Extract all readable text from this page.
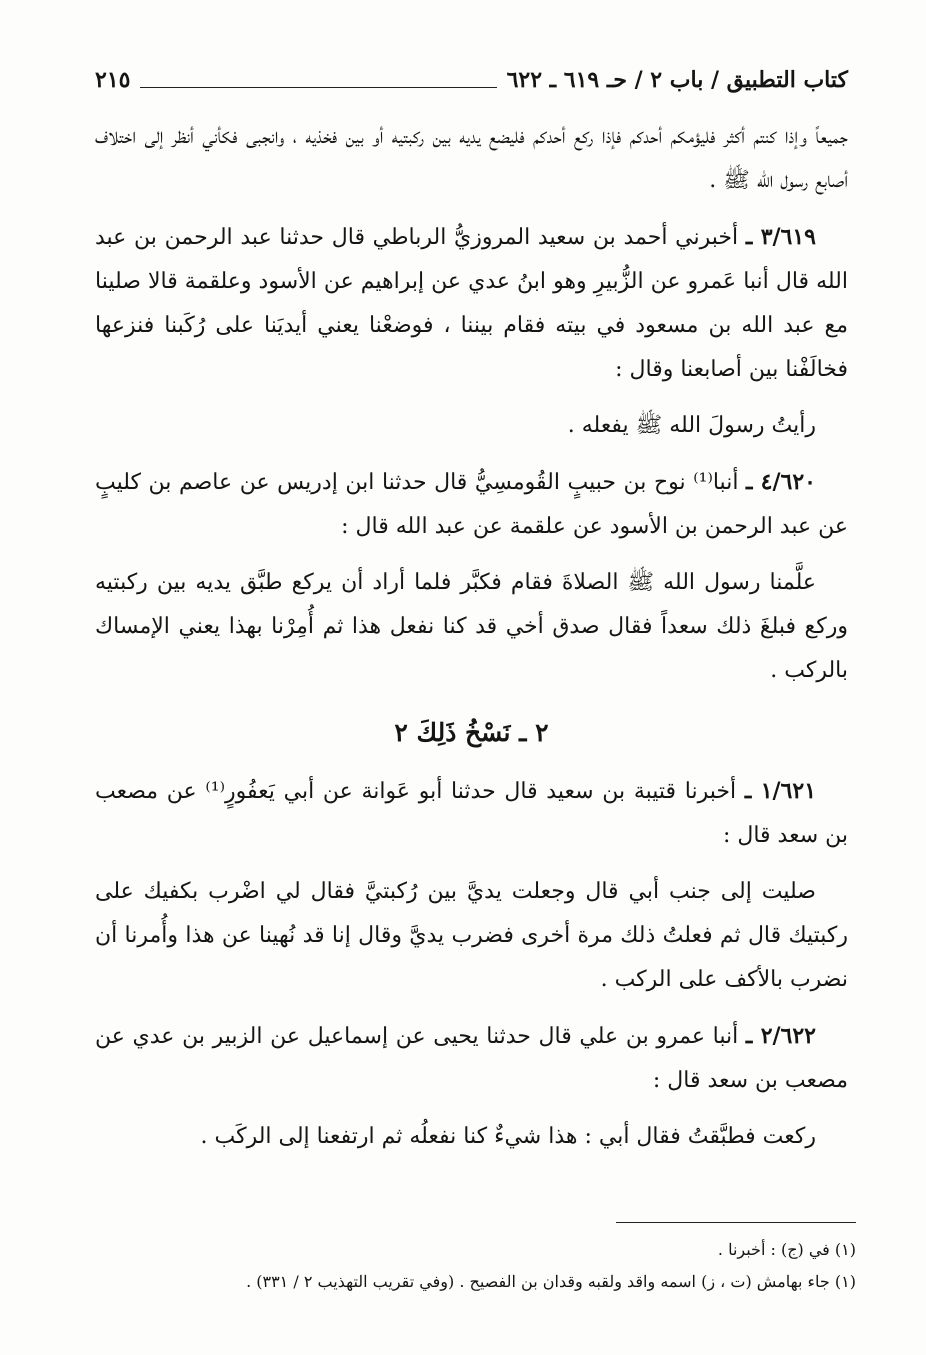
كتاب التطبيق / باب ٢ / حـ ٦١٩ ـ ٦٢٢
٢١٥

جميعاً وإذا كنتم أكثر فليؤمكم أحدكم فإذا ركع أحدكم فليضع يديه بين ركبتيه أو بين فخذيه ، وانجبى فكأني أنظر إلى اختلاف أصابع رسول الله ﷺ .

٣/٦١٩ ـ أخبرني أحمد بن سعيد المروزيُّ الرباطي قال حدثنا عبد الرحمن بن عبد الله قال أنبا عَمرو عن الزُّبيرِ وهو ابنُ عدي عن إبراهيم عن الأسود وعلقمة قالا صلينا مع عبد الله بن مسعود في بيته فقام بيننا ، فوضعْنا يعني أيديَنا على رُكَبنا فنزعها فخالَفْنا بين أصابعنا وقال :

رأيتُ رسولَ الله ﷺ يفعله .

٤/٦٢٠ ـ أنبا⁽¹⁾ نوح بن حبيبٍ القُومسِيُّ قال حدثنا ابن إدريس عن عاصم بن كليبٍ عن عبد الرحمن بن الأسود عن علقمة عن عبد الله قال :

علَّمنا رسول الله ﷺ الصلاةَ فقام فكبَّر فلما أراد أن يركع طبَّق يديه بين ركبتيه وركع فبلغَ ذلك سعداً فقال صدق أخي قد كنا نفعل هذا ثم أُمِرْنا بهذا يعني الإمساك بالركب .

٢ ـ نَسْخُ ذَلِكَ ٢

١/٦٢١ ـ أخبرنا قتيبة بن سعيد قال حدثنا أبو عَوانة عن أبي يَعفُورٍ⁽¹⁾ عن مصعب بن سعد قال :

صليت إلى جنب أبي قال وجعلت يديَّ بين رُكبتيَّ فقال لي اضْرب بكفيك على ركبتيك قال ثم فعلتُ ذلك مرة أخرى فضرب يديَّ وقال إنا قد نُهينا عن هذا وأُمرنا أن نضرب بالأكف على الركب .

٢/٦٢٢ ـ أنبا عمرو بن علي قال حدثنا يحيى عن إسماعيل عن الزبير بن عدي عن مصعب بن سعد قال :

ركعت فطبَّقتُ فقال أبي : هذا شيءٌ كنا نفعلُه ثم ارتفعنا إلى الركَب .

(١) في (ج) : أخبرنا .
(١) جاء بهامش (ت ، ز) اسمه واقد ولقبه وقدان بن الفصيح . (وفي تقريب التهذيب ٢ / ٣٣١) .
